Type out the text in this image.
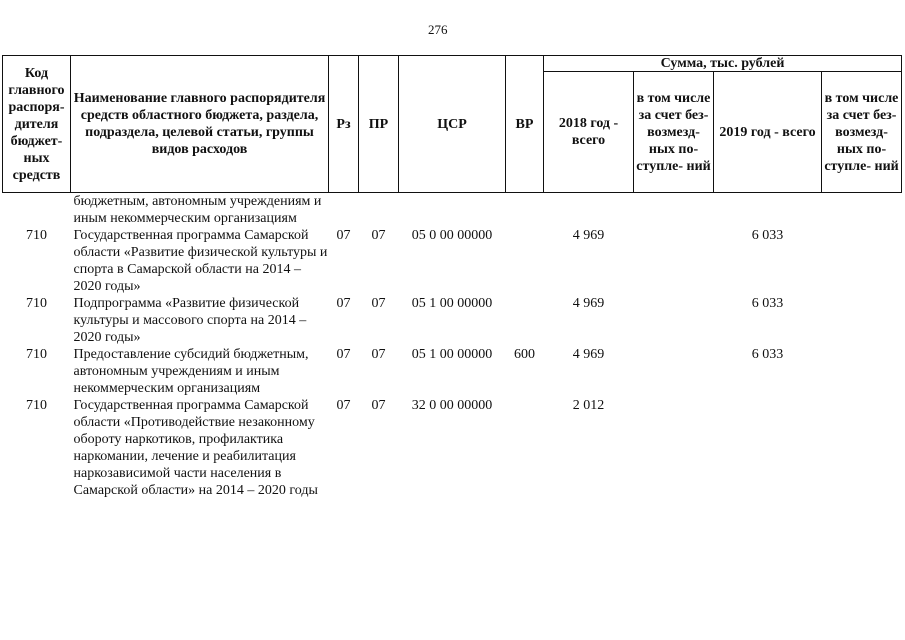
276
Код главного распоря- дителя бюджет- ных средств	Наименование главного распорядителя средств областного бюджета, раздела, подраздела, целевой статьи, группы видов расходов	Рз	ПР	ЦСР	ВР	Сумма, тыс. рублей			
						2018 год - всего	в том числе за счет без- возмезд- ных по- ступле- ний	2019 год - всего	в том числе за счет без- возмезд- ных по- ступле- ний
	бюджетным, автономным учреждениям и иным некоммерческим организациям								
710	Государственная программа Самарской области «Развитие физической культуры и спорта в Самарской области на 2014 – 2020 годы»	07	07	05 0 00 00000		4 969		6 033	
710	Подпрограмма «Развитие физической культуры и массового спорта на 2014 – 2020 годы»	07	07	05 1 00 00000		4 969		6 033	
710	Предоставление субсидий бюджетным, автономным учреждениям и иным некоммерческим организациям	07	07	05 1 00 00000	600	4 969		6 033	
710	Государственная программа Самарской области «Противодействие незаконному обороту наркотиков, профилактика наркомании, лечение и реабилитация наркозависимой части населения в Самарской области» на 2014 – 2020 годы	07	07	32 0 00 00000		2 012			
